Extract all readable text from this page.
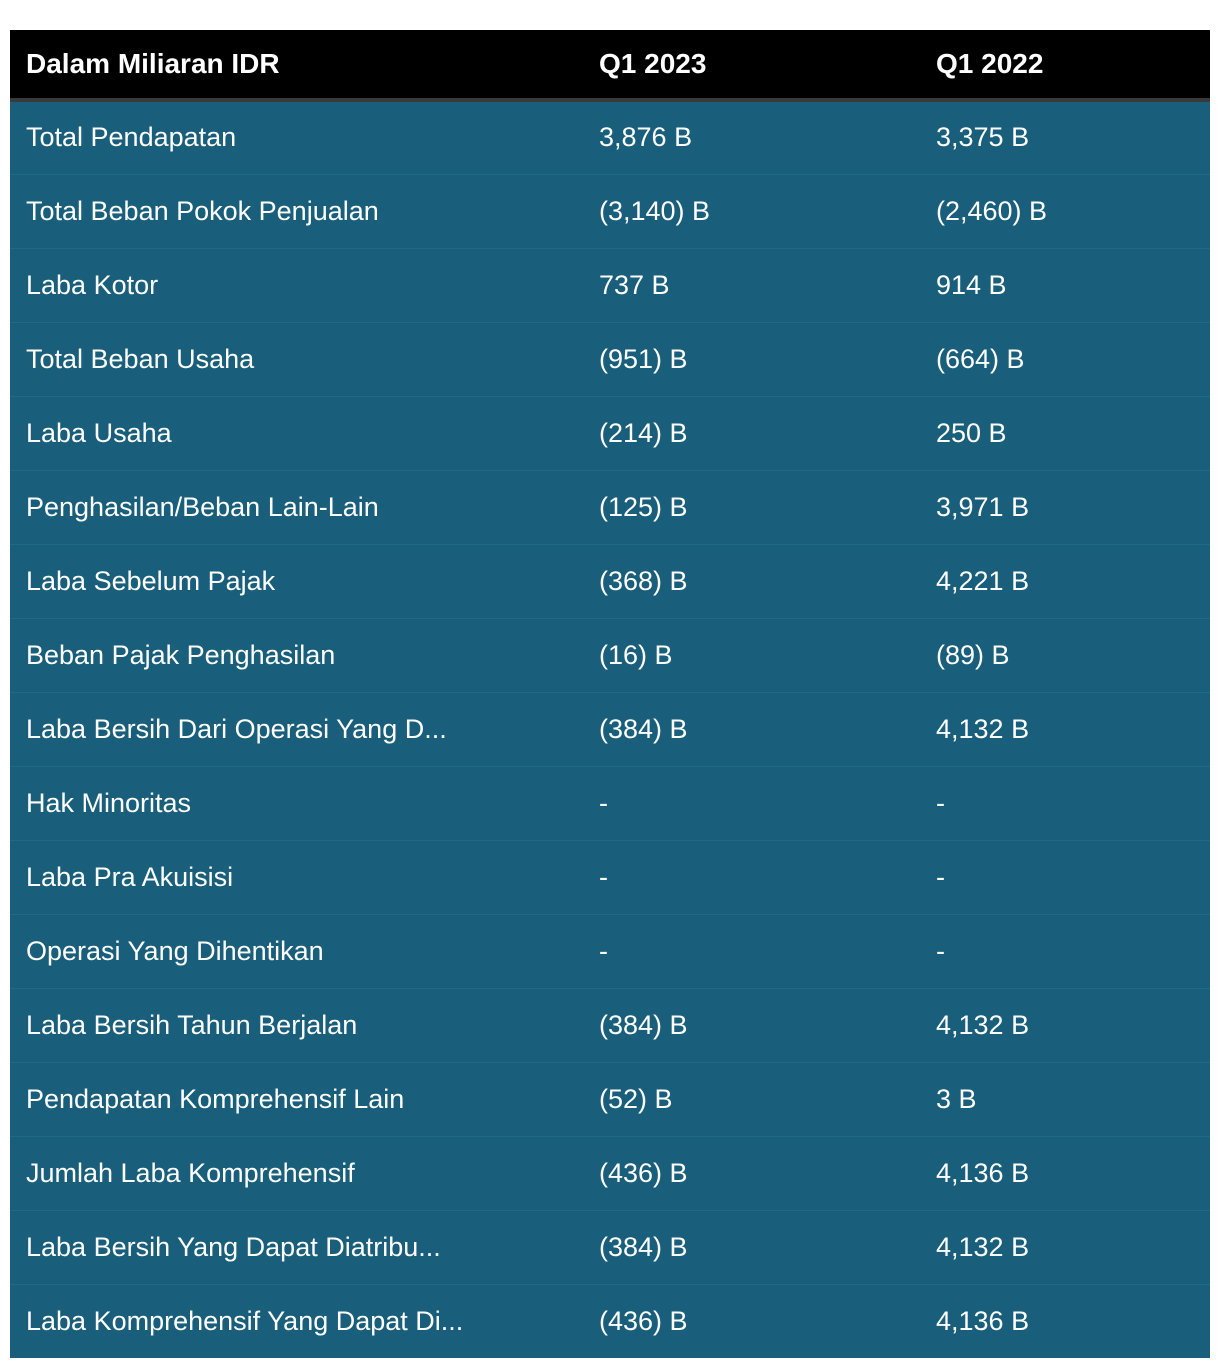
Dalam Miliaran IDR	Q1 2023	Q1 2022
Total Pendapatan	3,876 B	3,375 B
Total Beban Pokok Penjualan	(3,140) B	(2,460) B
Laba Kotor	737 B	914 B
Total Beban Usaha	(951) B	(664) B
Laba Usaha	(214) B	250 B
Penghasilan/Beban Lain-Lain	(125) B	3,971 B
Laba Sebelum Pajak	(368) B	4,221 B
Beban Pajak Penghasilan	(16) B	(89) B
Laba Bersih Dari Operasi Yang D...	(384) B	4,132 B
Hak Minoritas	-	-
Laba Pra Akuisisi	-	-
Operasi Yang Dihentikan	-	-
Laba Bersih Tahun Berjalan	(384) B	4,132 B
Pendapatan Komprehensif Lain	(52) B	3 B
Jumlah Laba Komprehensif	(436) B	4,136 B
Laba Bersih Yang Dapat Diatribu...	(384) B	4,132 B
Laba Komprehensif Yang Dapat Di...	(436) B	4,136 B
